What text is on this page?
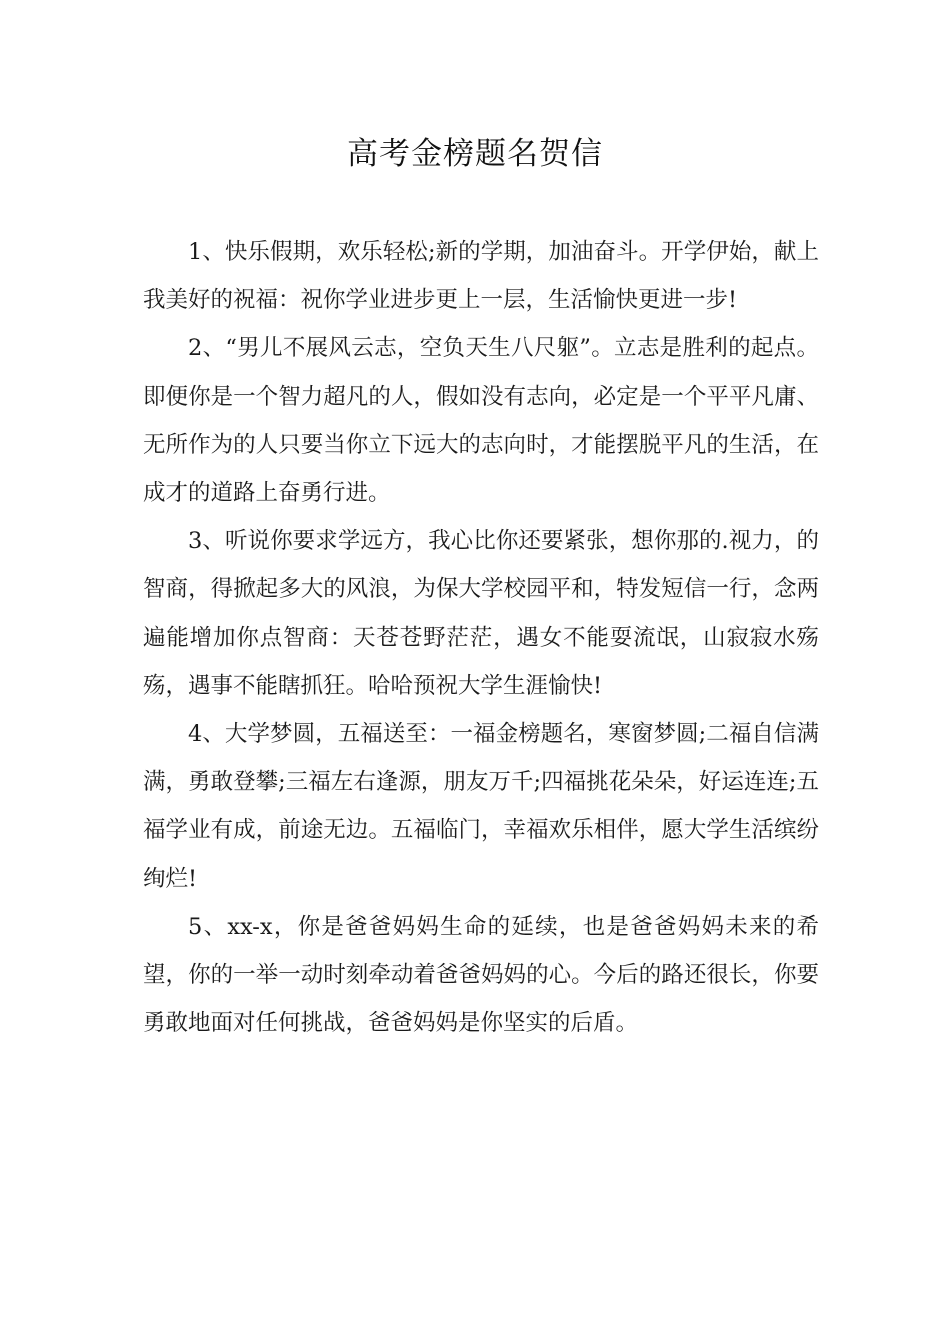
高考金榜题名贺信

1、快乐假期，欢乐轻松;新的学期，加油奋斗。开学伊始，献上我美好的祝福：祝你学业进步更上一层，生活愉快更进一步!

2、“男儿不展风云志，空负天生八尺躯”。立志是胜利的起点。即便你是一个智力超凡的人，假如没有志向，必定是一个平平凡庸、无所作为的人只要当你立下远大的志向时，才能摆脱平凡的生活，在成才的道路上奋勇行进。

3、听说你要求学远方，我心比你还要紧张，想你那的.视力，的智商，得掀起多大的风浪，为保大学校园平和，特发短信一行，念两遍能增加你点智商：天苍苍野茫茫，遇女不能耍流氓，山寂寂水殇殇，遇事不能瞎抓狂。哈哈预祝大学生涯愉快!

4、大学梦圆，五福送至：一福金榜题名，寒窗梦圆;二福自信满满，勇敢登攀;三福左右逢源，朋友万千;四福挑花朵朵，好运连连;五福学业有成，前途无边。五福临门，幸福欢乐相伴，愿大学生活缤纷绚烂!

5、xx-x，你是爸爸妈妈生命的延续，也是爸爸妈妈未来的希望，你的一举一动时刻牵动着爸爸妈妈的心。今后的路还很长，你要勇敢地面对任何挑战，爸爸妈妈是你坚实的后盾。
